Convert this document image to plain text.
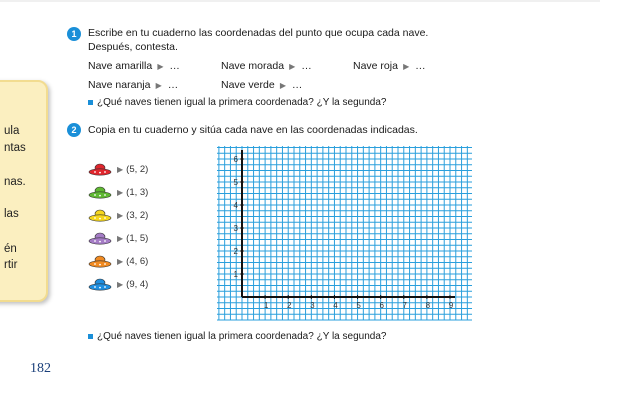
ula
ntas
nas.
las
én
rtir
1	Escribe en tu cuaderno las coordenadas del punto que ocupa cada nave.
Después, contesta.
Nave amarilla  ▶ …	Nave morada  ▶ …	Nave roja  ▶ …
Nave naranja  ▶ …	Nave verde  ▶ …
¿Qué naves tienen igual la primera coordenada? ¿Y la segunda?
2	Copia en tu cuaderno y sitúa cada nave en las coordenadas indicadas.
▶ (5, 2)
▶ (1, 3)
▶ (3, 2)
▶ (1, 5)
▶ (4, 6)
▶ (9, 4)
1 2 3 4 5 6 7 8 9
1
2
3
4
5
6
¿Qué naves tienen igual la primera coordenada? ¿Y la segunda?
182
